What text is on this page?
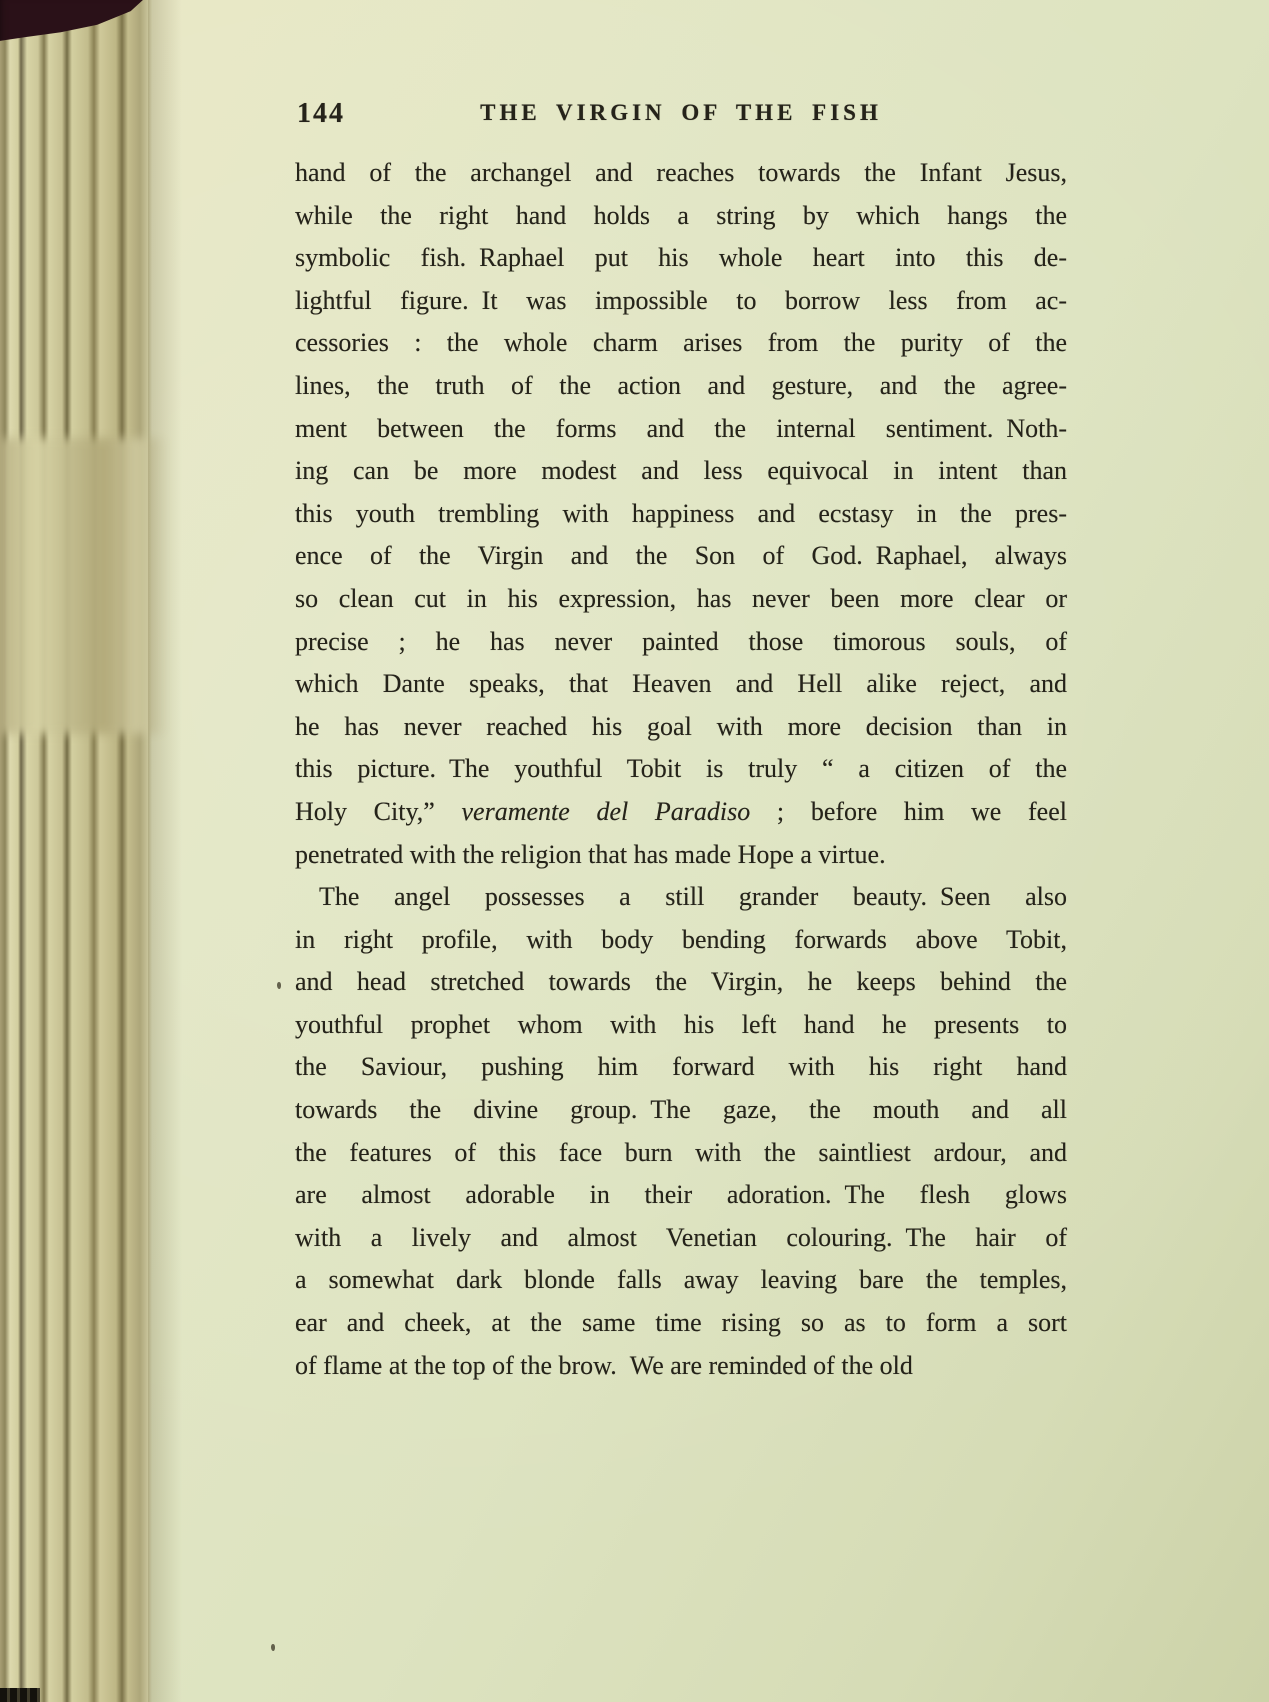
144	THE VIRGIN OF THE FISH
hand of the archangel and reaches towards the Infant Jesus,
while the right hand holds a string by which hangs the
symbolic fish. Raphael put his whole heart into this de-
lightful figure. It was impossible to borrow less from ac-
cessories : the whole charm arises from the purity of the
lines, the truth of the action and gesture, and the agree-
ment between the forms and the internal sentiment. Noth-
ing can be more modest and less equivocal in intent than
this youth trembling with happiness and ecstasy in the pres-
ence of the Virgin and the Son of God. Raphael, always
so clean cut in his expression, has never been more clear or
precise ; he has never painted those timorous souls, of
which Dante speaks, that Heaven and Hell alike reject, and
he has never reached his goal with more decision than in
this picture. The youthful Tobit is truly “ a citizen of the
Holy City,” veramente del Paradiso ; before him we feel
penetrated with the religion that has made Hope a virtue.
The angel possesses a still grander beauty. Seen also
in right profile, with body bending forwards above Tobit,
and head stretched towards the Virgin, he keeps behind the
youthful prophet whom with his left hand he presents to
the Saviour, pushing him forward with his right hand
towards the divine group. The gaze, the mouth and all
the features of this face burn with the saintliest ardour, and
are almost adorable in their adoration. The flesh glows
with a lively and almost Venetian colouring. The hair of
a somewhat dark blonde falls away leaving bare the temples,
ear and cheek, at the same time rising so as to form a sort
of flame at the top of the brow. We are reminded of the old
